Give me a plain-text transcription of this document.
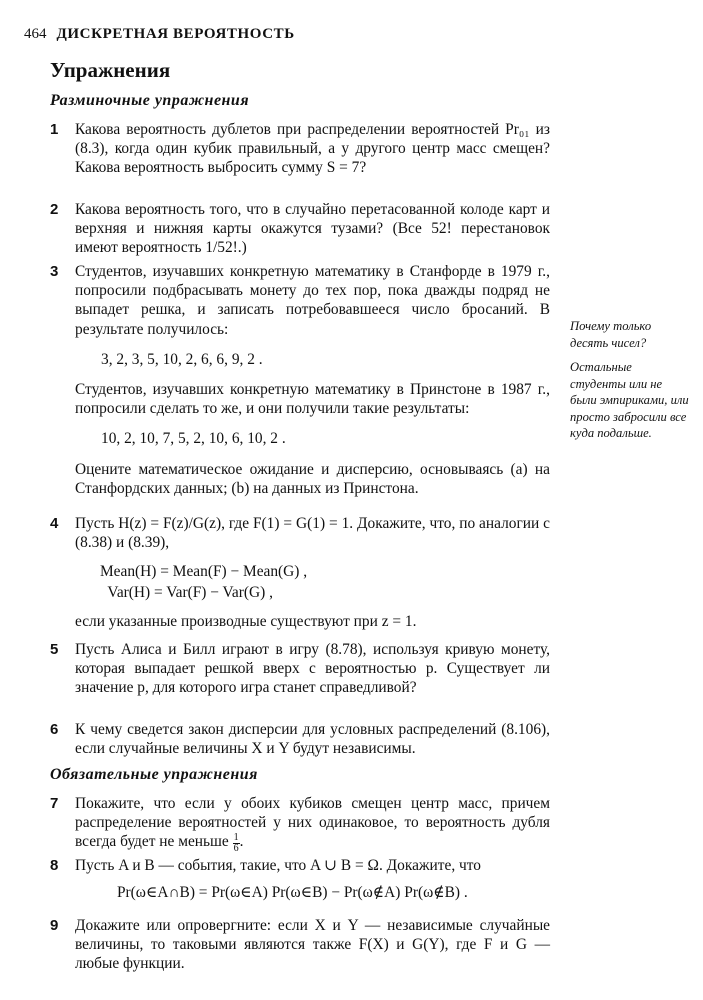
464 ДИСКРЕТНАЯ ВЕРОЯТНОСТЬ
Упражнения
Разминочные упражнения
1 Какова вероятность дублетов при распределении вероятностей Pr₀₁ из (8.3), когда один кубик правильный, а у другого центр масс смещен? Какова вероятность выбросить сумму S = 7?

2 Какова вероятность того, что в случайно перетасованной колоде карт и верхняя и нижняя карты окажутся тузами? (Все 52! перестановок имеют вероятность 1/52!.)

3 Студентов, изучавших конкретную математику в Станфорде в 1979 г., попросили подбрасывать монету до тех пор, пока дважды подряд не выпадет решка, и записать потребовавшееся число бросаний. В результате получилось:

3, 2, 3, 5, 10, 2, 6, 6, 9, 2 .

Студентов, изучавших конкретную математику в Принстоне в 1987 г., попросили сделать то же, и они получили такие результаты:

10, 2, 10, 7, 5, 2, 10, 6, 10, 2 .

Оцените математическое ожидание и дисперсию, основываясь (a) на Станфордских данных; (b) на данных из Принстона.

4 Пусть H(z) = F(z)/G(z), где F(1) = G(1) = 1. Докажите, что, по аналогии с (8.38) и (8.39),

Mean(H) = Mean(F) − Mean(G) ,
Var(H) = Var(F) − Var(G) ,

если указанные производные существуют при z = 1.

5 Пусть Алиса и Билл играют в игру (8.78), используя кривую монету, которая выпадает решкой вверх с вероятностью p. Существует ли значение p, для которого игра станет справедливой?

6 К чему сведется закон дисперсии для условных распределений (8.106), если случайные величины X и Y будут независимы.

Обязательные упражнения
7 Покажите, что если у обоих кубиков смещен центр масс, причем распределение вероятностей у них одинаковое, то вероятность дубля всегда будет не меньше $\frac{1}{6}$ .

8 Пусть A и B — события, такие, что A ∪ B = Ω. Докажите, что

Pr(ω∈A∩B) = Pr(ω∈A) Pr(ω∈B) − Pr(ω∉A) Pr(ω∉B) .
9 Докажите или опровергните: если X и Y — независимые случайные величины, то таковыми являются также F(X) и G(Y), где F и G — любые функции.

Почему только десять чисел?

Остальные студенты или не были эмпириками, или просто забросили все куда подальше.
